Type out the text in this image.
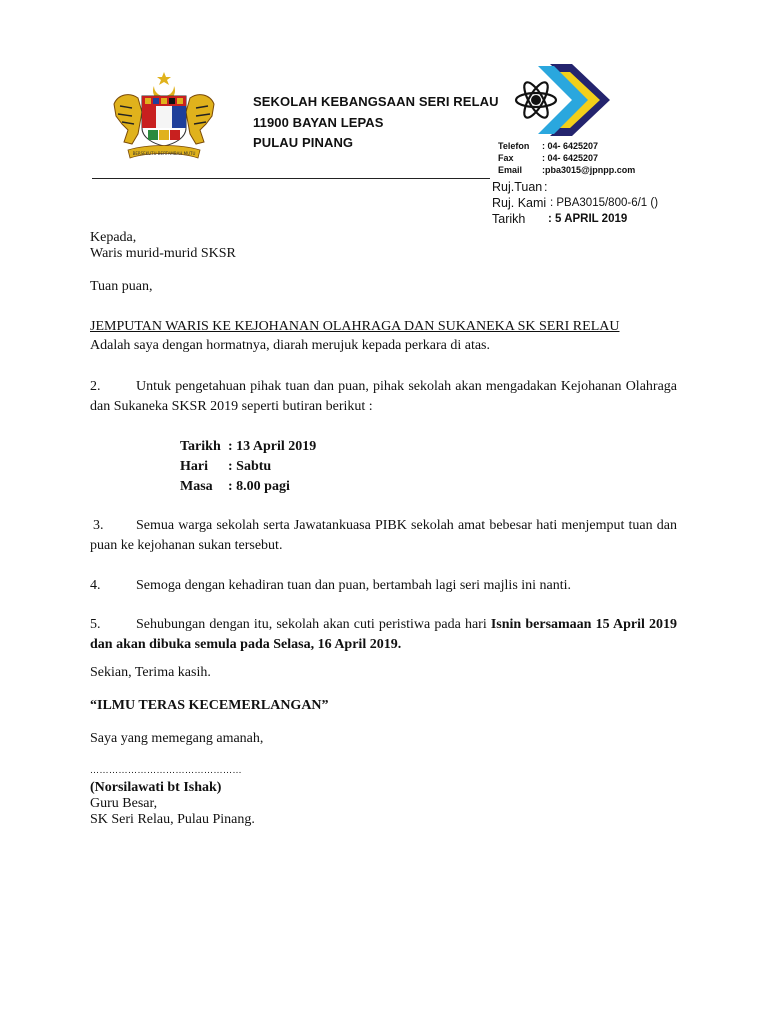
BERSEKUTU BERTAMBAH MUTU
SEKOLAH KEBANGSAAN SERI RELAU
11900 BAYAN LEPAS
PULAU PINANG	Telefon : 04- 6425207
Fax	: 04- 6425207
Email :pba3015@jpnpp.com
Ruj.Tuan :
Ruj. Kami : PBA3015/800-6/1 ()
Tarikh : 5 APRIL 2019
Kepada,
Waris murid-murid SKSR
Tuan puan,
JEMPUTAN WARIS KE KEJOHANAN OLAHRAGA DAN SUKANEKA SK SERI RELAU
Adalah saya dengan hormatnya, diarah merujuk kepada perkara di atas.
2.	Untuk pengetahuan pihak tuan dan puan, pihak sekolah akan mengadakan Kejohanan Olahraga dan Sukaneka SKSR 2019 seperti butiran berikut :
Tarikh : 13 April 2019
Hari : Sabtu
Masa : 8.00 pagi
3.	Semua warga sekolah serta Jawatankuasa PIBK sekolah amat bebesar hati menjemput tuan dan puan ke kejohanan sukan tersebut.
4.	Semoga dengan kehadiran tuan dan puan, bertambah lagi seri majlis ini nanti.
5.	Sehubungan dengan itu, sekolah akan cuti peristiwa pada hari Isnin bersamaan 15 April 2019 dan akan dibuka semula pada Selasa, 16 April 2019.
Sekian, Terima kasih.
“ILMU TERAS KECEMERLANGAN”
Saya yang memegang amanah,
…………………………………………
(Norsilawati bt Ishak)
Guru Besar,
SK Seri Relau, Pulau Pinang.
